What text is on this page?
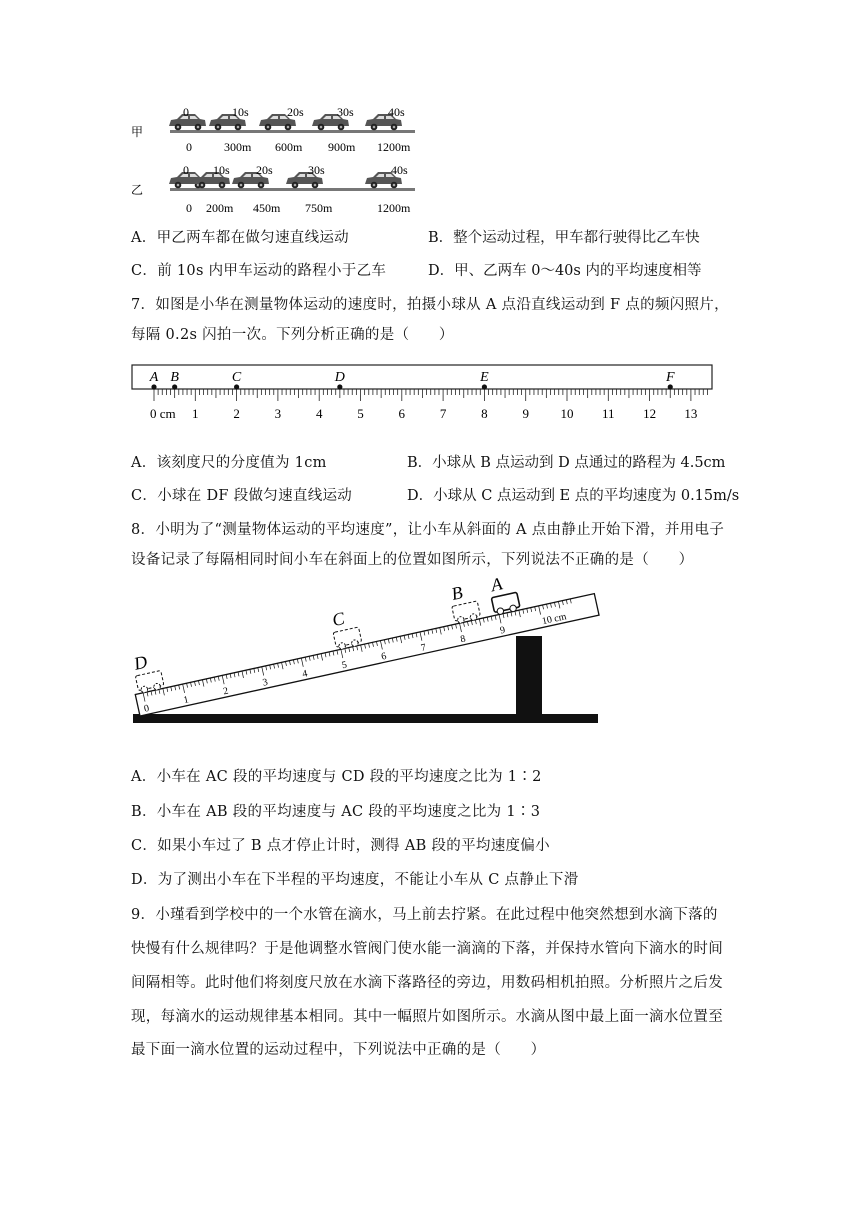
甲
0	10s	20s	30s	40s
0	300m 600m 900m 1200m
乙
0 10s 20s	30s	40s
0 200m 450m 750m	1200m
A．甲乙两车都在做匀速直线运动	B．整个运动过程，甲车都行驶得比乙车快
C．前 10s 内甲车运动的路程小于乙车	D．甲、乙两车 0～40s 内的平均速度相等
7．如图是小华在测量物体运动的速度时，拍摄小球从 A 点沿直线运动到 F 点的频闪照片，
每隔 0.2s 闪拍一次。下列分析正确的是（　　）
A B	C	D	E	F
0 cm 1	2	3	4	5	6	7	8	9 10 11 12 13
A．该刻度尺的分度值为 1cm	B．小球从 B 点运动到 D 点通过的路程为 4.5cm
C．小球在 DF 段做匀速直线运动	D．小球从 C 点运动到 E 点的平均速度为 0.15m/s
8．小明为了“测量物体运动的平均速度”，让小车从斜面的 A 点由静止开始下滑，并用电子
设备记录了每隔相同时间小车在斜面上的位置如图所示，下列说法不正确的是（　　）
0
1
2
3
4
5
6
7
8
9
10 cm
A
B
C
D
A．小车在 AC 段的平均速度与 CD 段的平均速度之比为 1∶2
B．小车在 AB 段的平均速度与 AC 段的平均速度之比为 1∶3
C．如果小车过了 B 点才停止计时，测得 AB 段的平均速度偏小
D．为了测出小车在下半程的平均速度，不能让小车从 C 点静止下滑
9．小瑾看到学校中的一个水管在滴水，马上前去拧紧。在此过程中他突然想到水滴下落的
快慢有什么规律吗？于是他调整水管阀门使水能一滴滴的下落，并保持水管向下滴水的时间
间隔相等。此时他们将刻度尺放在水滴下落路径的旁边，用数码相机拍照。分析照片之后发
现，每滴水的运动规律基本相同。其中一幅照片如图所示。水滴从图中最上面一滴水位置至
最下面一滴水位置的运动过程中，下列说法中正确的是（　　）
